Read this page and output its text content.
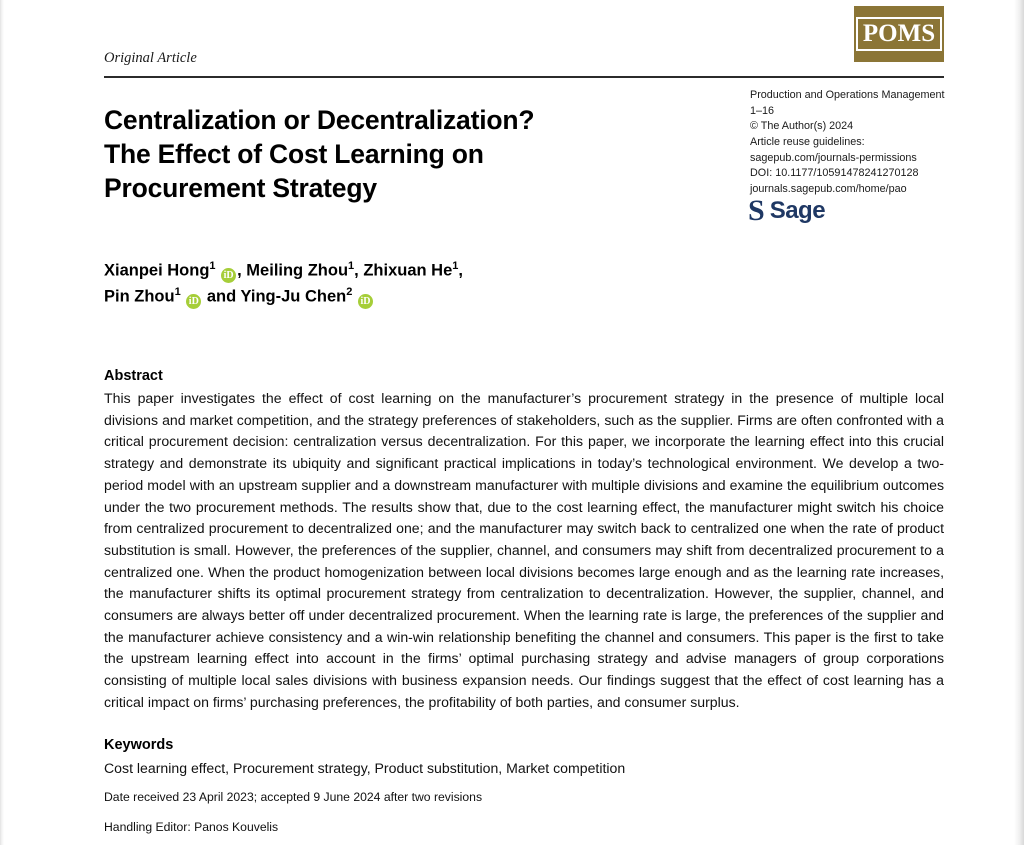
POMS
Original Article
Centralization or Decentralization?
The Effect of Cost Learning on
Procurement Strategy
Production and Operations Management
1–16
© The Author(s) 2024
Article reuse guidelines:
sagepub.com/journals-permissions
DOI: 10.1177/10591478241270128
journals.sagepub.com/home/pao
S Sage
Xianpei Hong$^1$ iD , Meiling Zhou$^1$, Zhixuan He$^1$,
Pin Zhou$^1$ iD and Ying-Ju Chen$^2$ iD
Abstract
This paper investigates the effect of cost learning on the manufacturer’s procurement strategy in the presence of multiple local divisions and market competition, and the strategy preferences of stakeholders, such as the supplier. Firms are often confronted with a critical procurement decision: centralization versus decentralization. For this paper, we incorporate the learning effect into this crucial strategy and demonstrate its ubiquity and significant practical implications in today’s technological environment. We develop a two-period model with an upstream supplier and a downstream manufacturer with multiple divisions and examine the equilibrium outcomes under the two procurement methods. The results show that, due to the cost learning effect, the manufacturer might switch his choice from centralized procurement to decentralized one; and the manufacturer may switch back to centralized one when the rate of product substitution is small. However, the preferences of the supplier, channel, and consumers may shift from decentralized procurement to a centralized one. When the product homogenization between local divisions becomes large enough and as the learning rate increases, the manufacturer shifts its optimal procurement strategy from centralization to decentralization. However, the supplier, channel, and consumers are always better off under decentralized procurement. When the learning rate is large, the preferences of the supplier and the manufacturer achieve consistency and a win-win relationship benefiting the channel and consumers. This paper is the first to take the upstream learning effect into account in the firms’ optimal purchasing strategy and advise managers of group corporations consisting of multiple local sales divisions with business expansion needs. Our findings suggest that the effect of cost learning has a critical impact on firms’ purchasing preferences, the profitability of both parties, and consumer surplus.
Keywords
Cost learning effect, Procurement strategy, Product substitution, Market competition
Date received 23 April 2023; accepted 9 June 2024 after two revisions
Handling Editor: Panos Kouvelis
